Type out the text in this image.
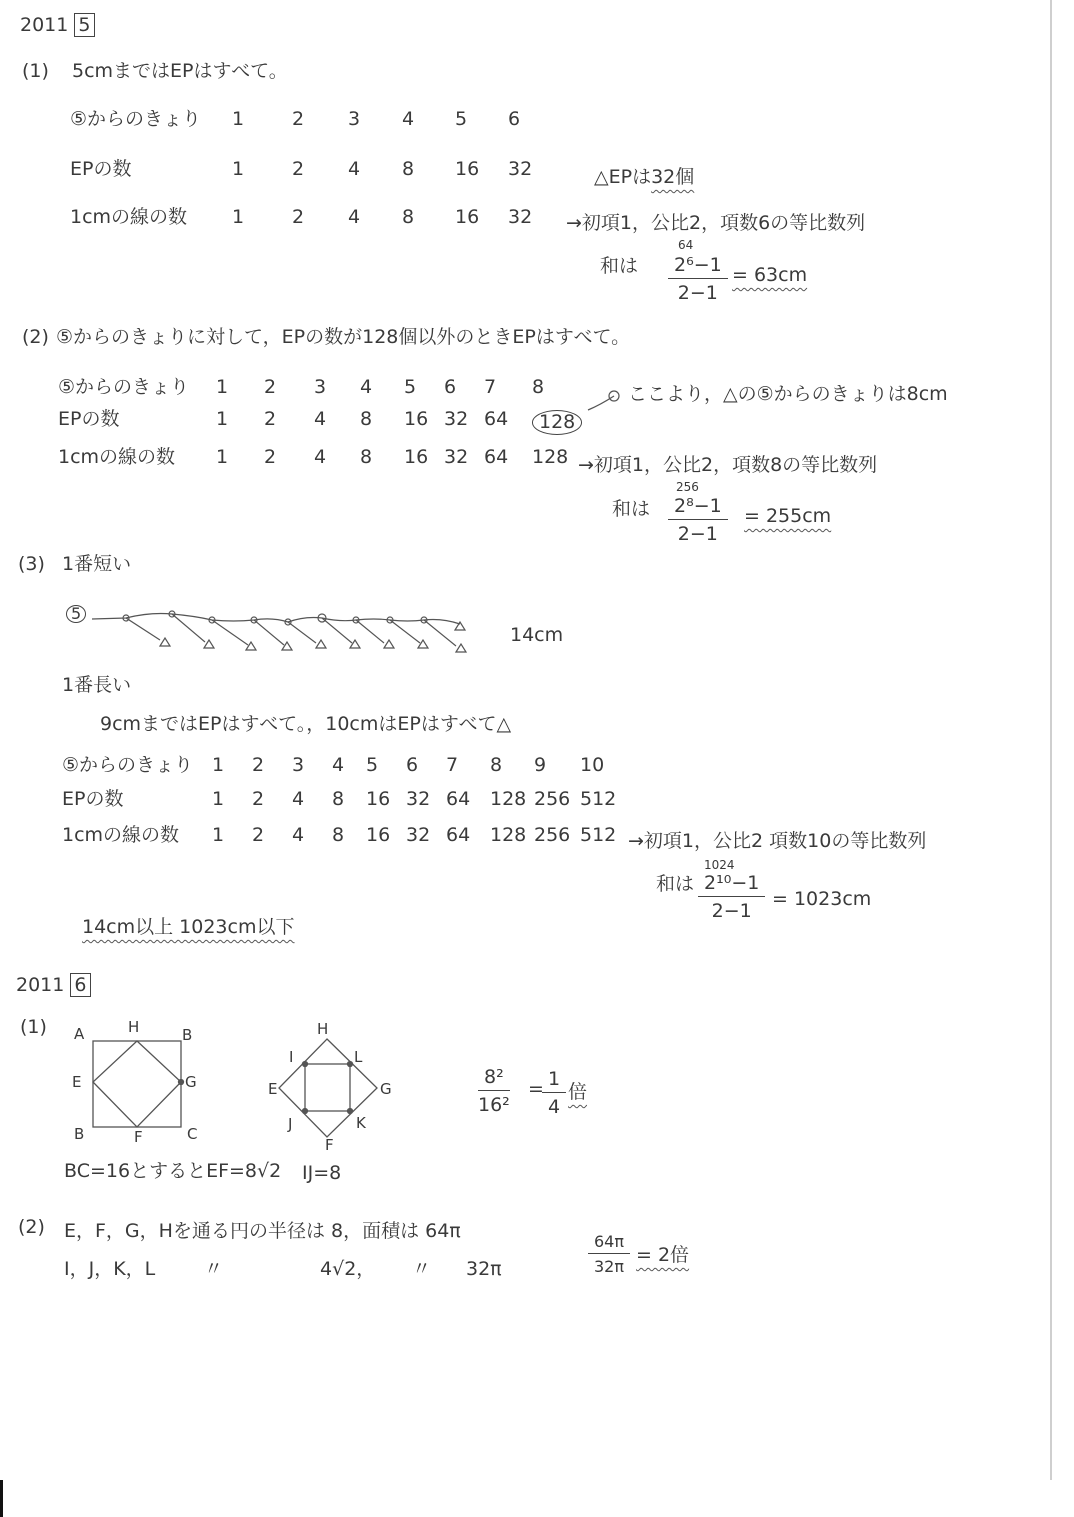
2011 5
(1) 5cmまではEPはすべて。
⑤からのきょり 1	2 3 4 5 6
EPの数	1	2 4 8 16 32
1cmの線の数 1	2 4 8 16 32
△EPは32個
→初項1，公比2，項数6の等比数列
和は
64
$\frac{\text{2⁶−1}}{2-1} = 63cm$
(2) ⑤からのきょりに対して，EPの数が128個以外のときEPはすべて。
⑤からのきょり 1 2 3 4 5 6 7 8
EPの数	1 2 4 8 16 32 64	128
1cmの線の数 1 2 4 8 16 32 64 128
ここより，△の⑤からのきょりは8cm
→初項1，公比2，項数8の等比数列
和は
256
$\frac{\text{2⁸−1}}{2-1} = 255cm$
(3) 1番短い
5
14cm
1番長い
9cmまではEPはすべて。，10cmはEPはすべて△
⑤からのきょり 1 2 3 4 5 6 7 8 9 10
EPの数	1 2 4 8 16 32 64 128 256 512
1cmの線の数 1 2 4 8 16 32 64 128 256 512 →初項1，公比2 項数10の等比数列
和は
1024
$\frac{\text{2¹⁰−1}}{2-1} = 1023cm$
14cm以上 1023cm以下
2011 6
(1) A	H	B
E	G
B	F	C
H
I	L
E	G
J	K
F
$\frac{\text{8²}}{\text{16²}}$ =
$\frac{1}{4}$ 倍
BC=16とするとEF=8√2 IJ=8
(2) E，F，G，Hを通る円の半径は 8，面積は 64π
I，J，K，L	〃	4√2， 〃 32π	$\frac{64\pi}{32\pi} = 2$倍
